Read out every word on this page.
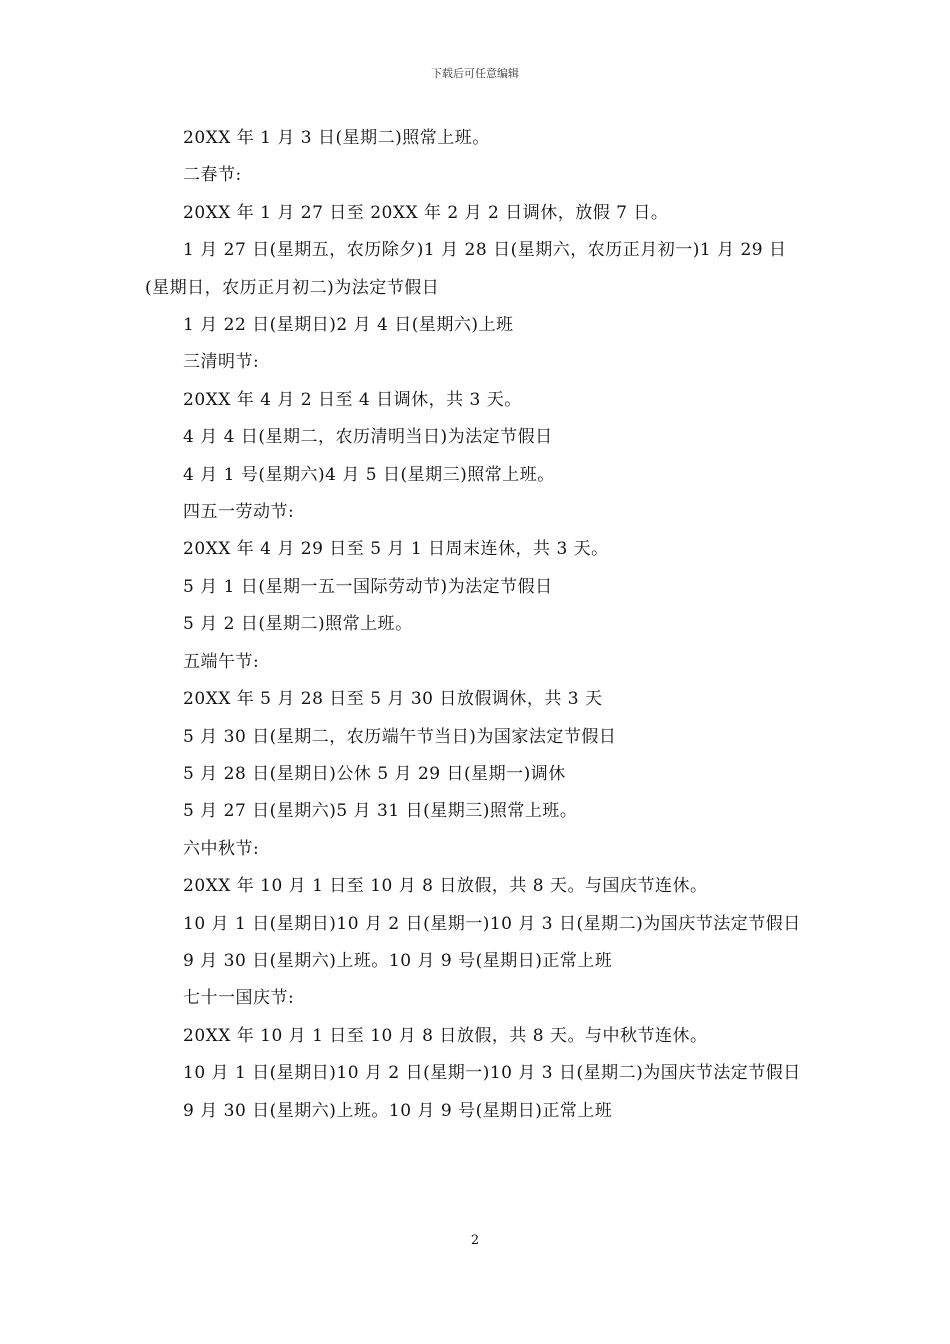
下载后可任意编辑

20XX 年 1 月 3 日(星期二)照常上班。

二春节:

20XX 年 1 月 27 日至 20XX 年 2 月 2 日调休，放假 7 日。

1 月 27 日(星期五，农历除夕)1 月 28 日(星期六，农历正月初一)1 月 29 日(星期日，农历正月初二)为法定节假日

1 月 22 日(星期日)2 月 4 日(星期六)上班

三清明节:

20XX 年 4 月 2 日至 4 日调休，共 3 天。

4 月 4 日(星期二，农历清明当日)为法定节假日

4 月 1 号(星期六)4 月 5 日(星期三)照常上班。

四五一劳动节:

20XX 年 4 月 29 日至 5 月 1 日周末连休，共 3 天。

5 月 1 日(星期一五一国际劳动节)为法定节假日

5 月 2 日(星期二)照常上班。

五端午节:

20XX 年 5 月 28 日至 5 月 30 日放假调休，共 3 天

5 月 30 日(星期二，农历端午节当日)为国家法定节假日

5 月 28 日(星期日)公休 5 月 29 日(星期一)调休

5 月 27 日(星期六)5 月 31 日(星期三)照常上班。

六中秋节:

20XX 年 10 月 1 日至 10 月 8 日放假，共 8 天。与国庆节连休。

10 月 1 日(星期日)10 月 2 日(星期一)10 月 3 日(星期二)为国庆节法定节假日

9 月 30 日(星期六)上班。10 月 9 号(星期日)正常上班

七十一国庆节:

20XX 年 10 月 1 日至 10 月 8 日放假，共 8 天。与中秋节连休。

10 月 1 日(星期日)10 月 2 日(星期一)10 月 3 日(星期二)为国庆节法定节假日

9 月 30 日(星期六)上班。10 月 9 号(星期日)正常上班

2
